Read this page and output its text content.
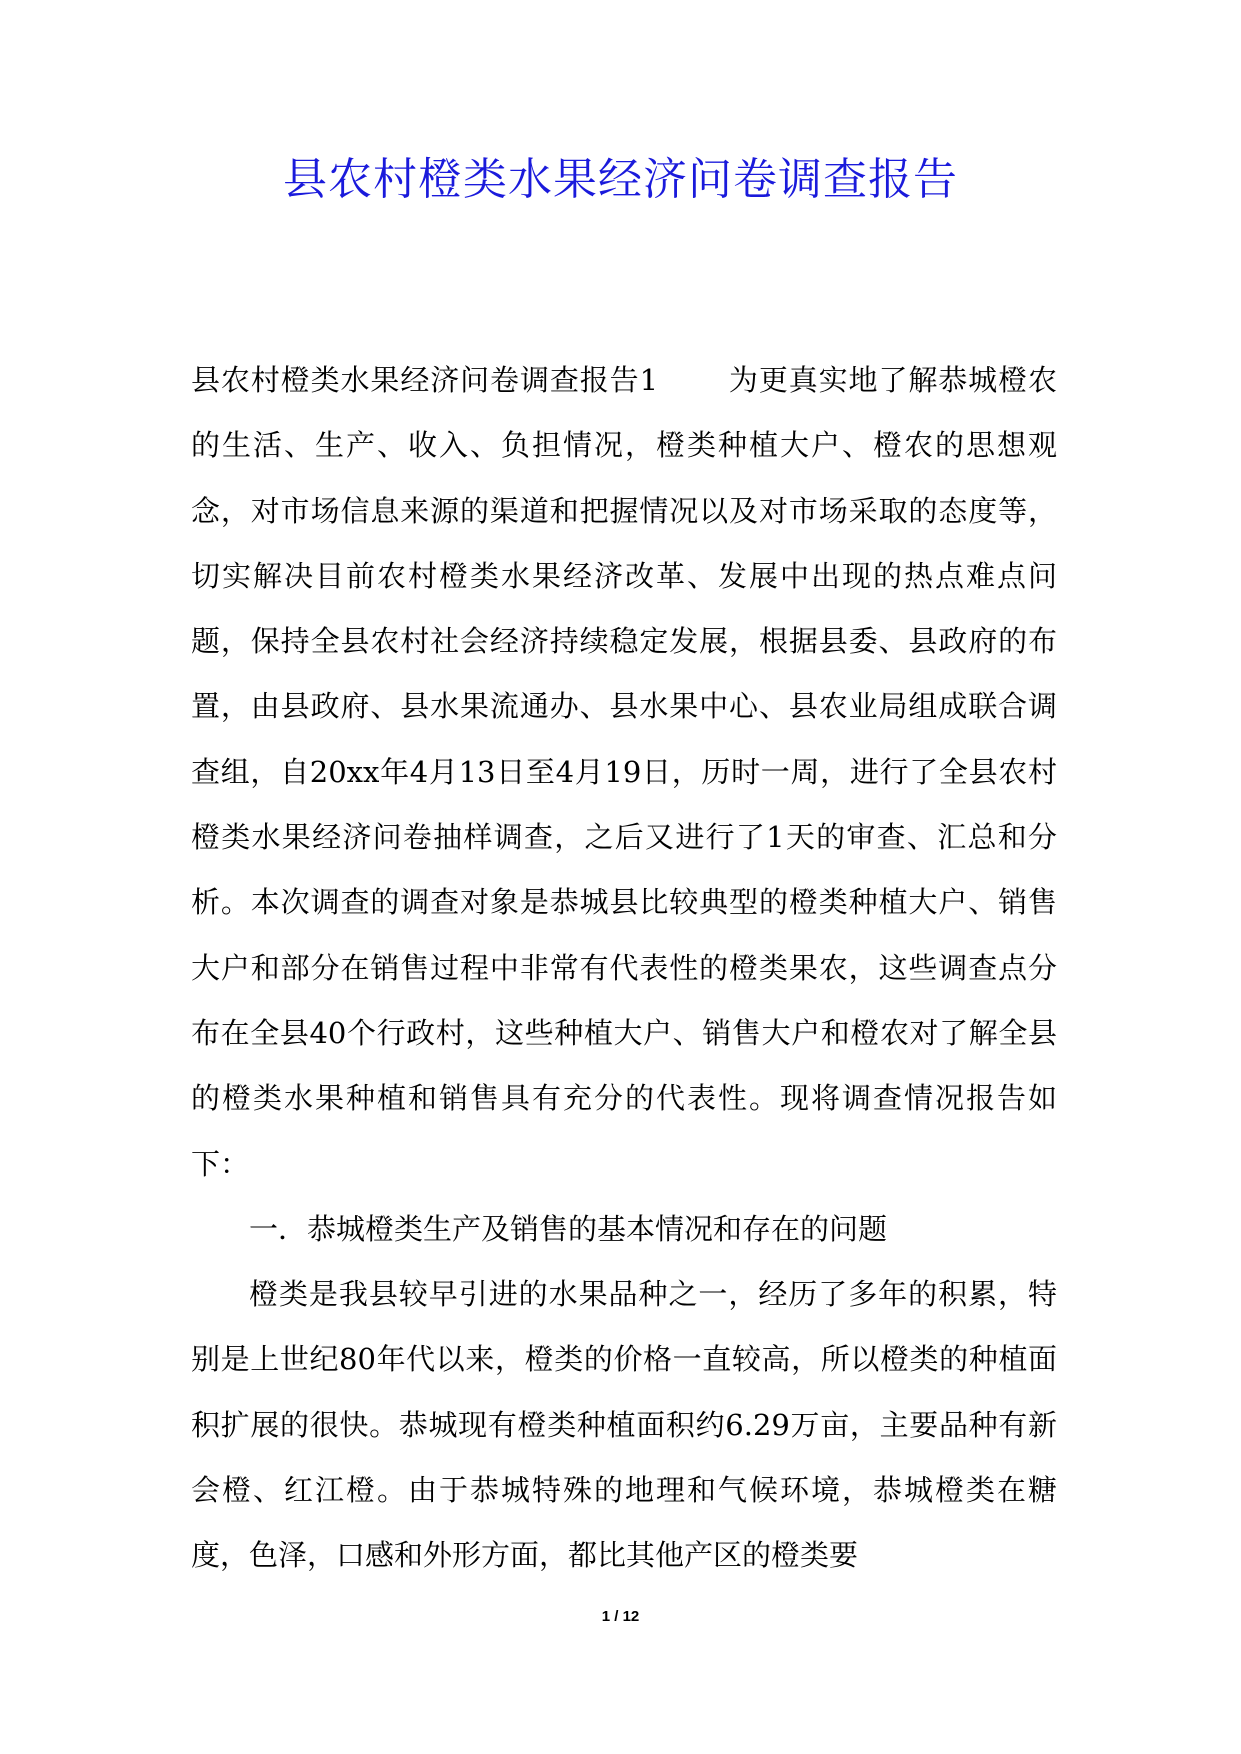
县农村橙类水果经济问卷调查报告

县农村橙类水果经济问卷调查报告1 为更真实地了解恭城橙农的生活、生产、收入、负担情况，橙类种植大户、橙农的思想观念，对市场信息来源的渠道和把握情况以及对市场采取的态度等，切实解决目前农村橙类水果经济改革、发展中出现的热点难点问题，保持全县农村社会经济持续稳定发展，根据县委、县政府的布置，由县政府、县水果流通办、县水果中心、县农业局组成联合调查组，自20xx年4月13日至4月19日，历时一周，进行了全县农村橙类水果经济问卷抽样调查，之后又进行了1天的审查、汇总和分析。本次调查的调查对象是恭城县比较典型的橙类种植大户、销售大户和部分在销售过程中非常有代表性的橙类果农，这些调查点分布在全县40个行政村，这些种植大户、销售大户和橙农对了解全县的橙类水果种植和销售具有充分的代表性。现将调查情况报告如下：

一．恭城橙类生产及销售的基本情况和存在的问题

橙类是我县较早引进的水果品种之一，经历了多年的积累，特别是上世纪80年代以来，橙类的价格一直较高，所以橙类的种植面积扩展的很快。恭城现有橙类种植面积约6.29万亩，主要品种有新会橙、红江橙。由于恭城特殊的地理和气候环境，恭城橙类在糖度，色泽，口感和外形方面，都比其他产区的橙类要

1 / 12
